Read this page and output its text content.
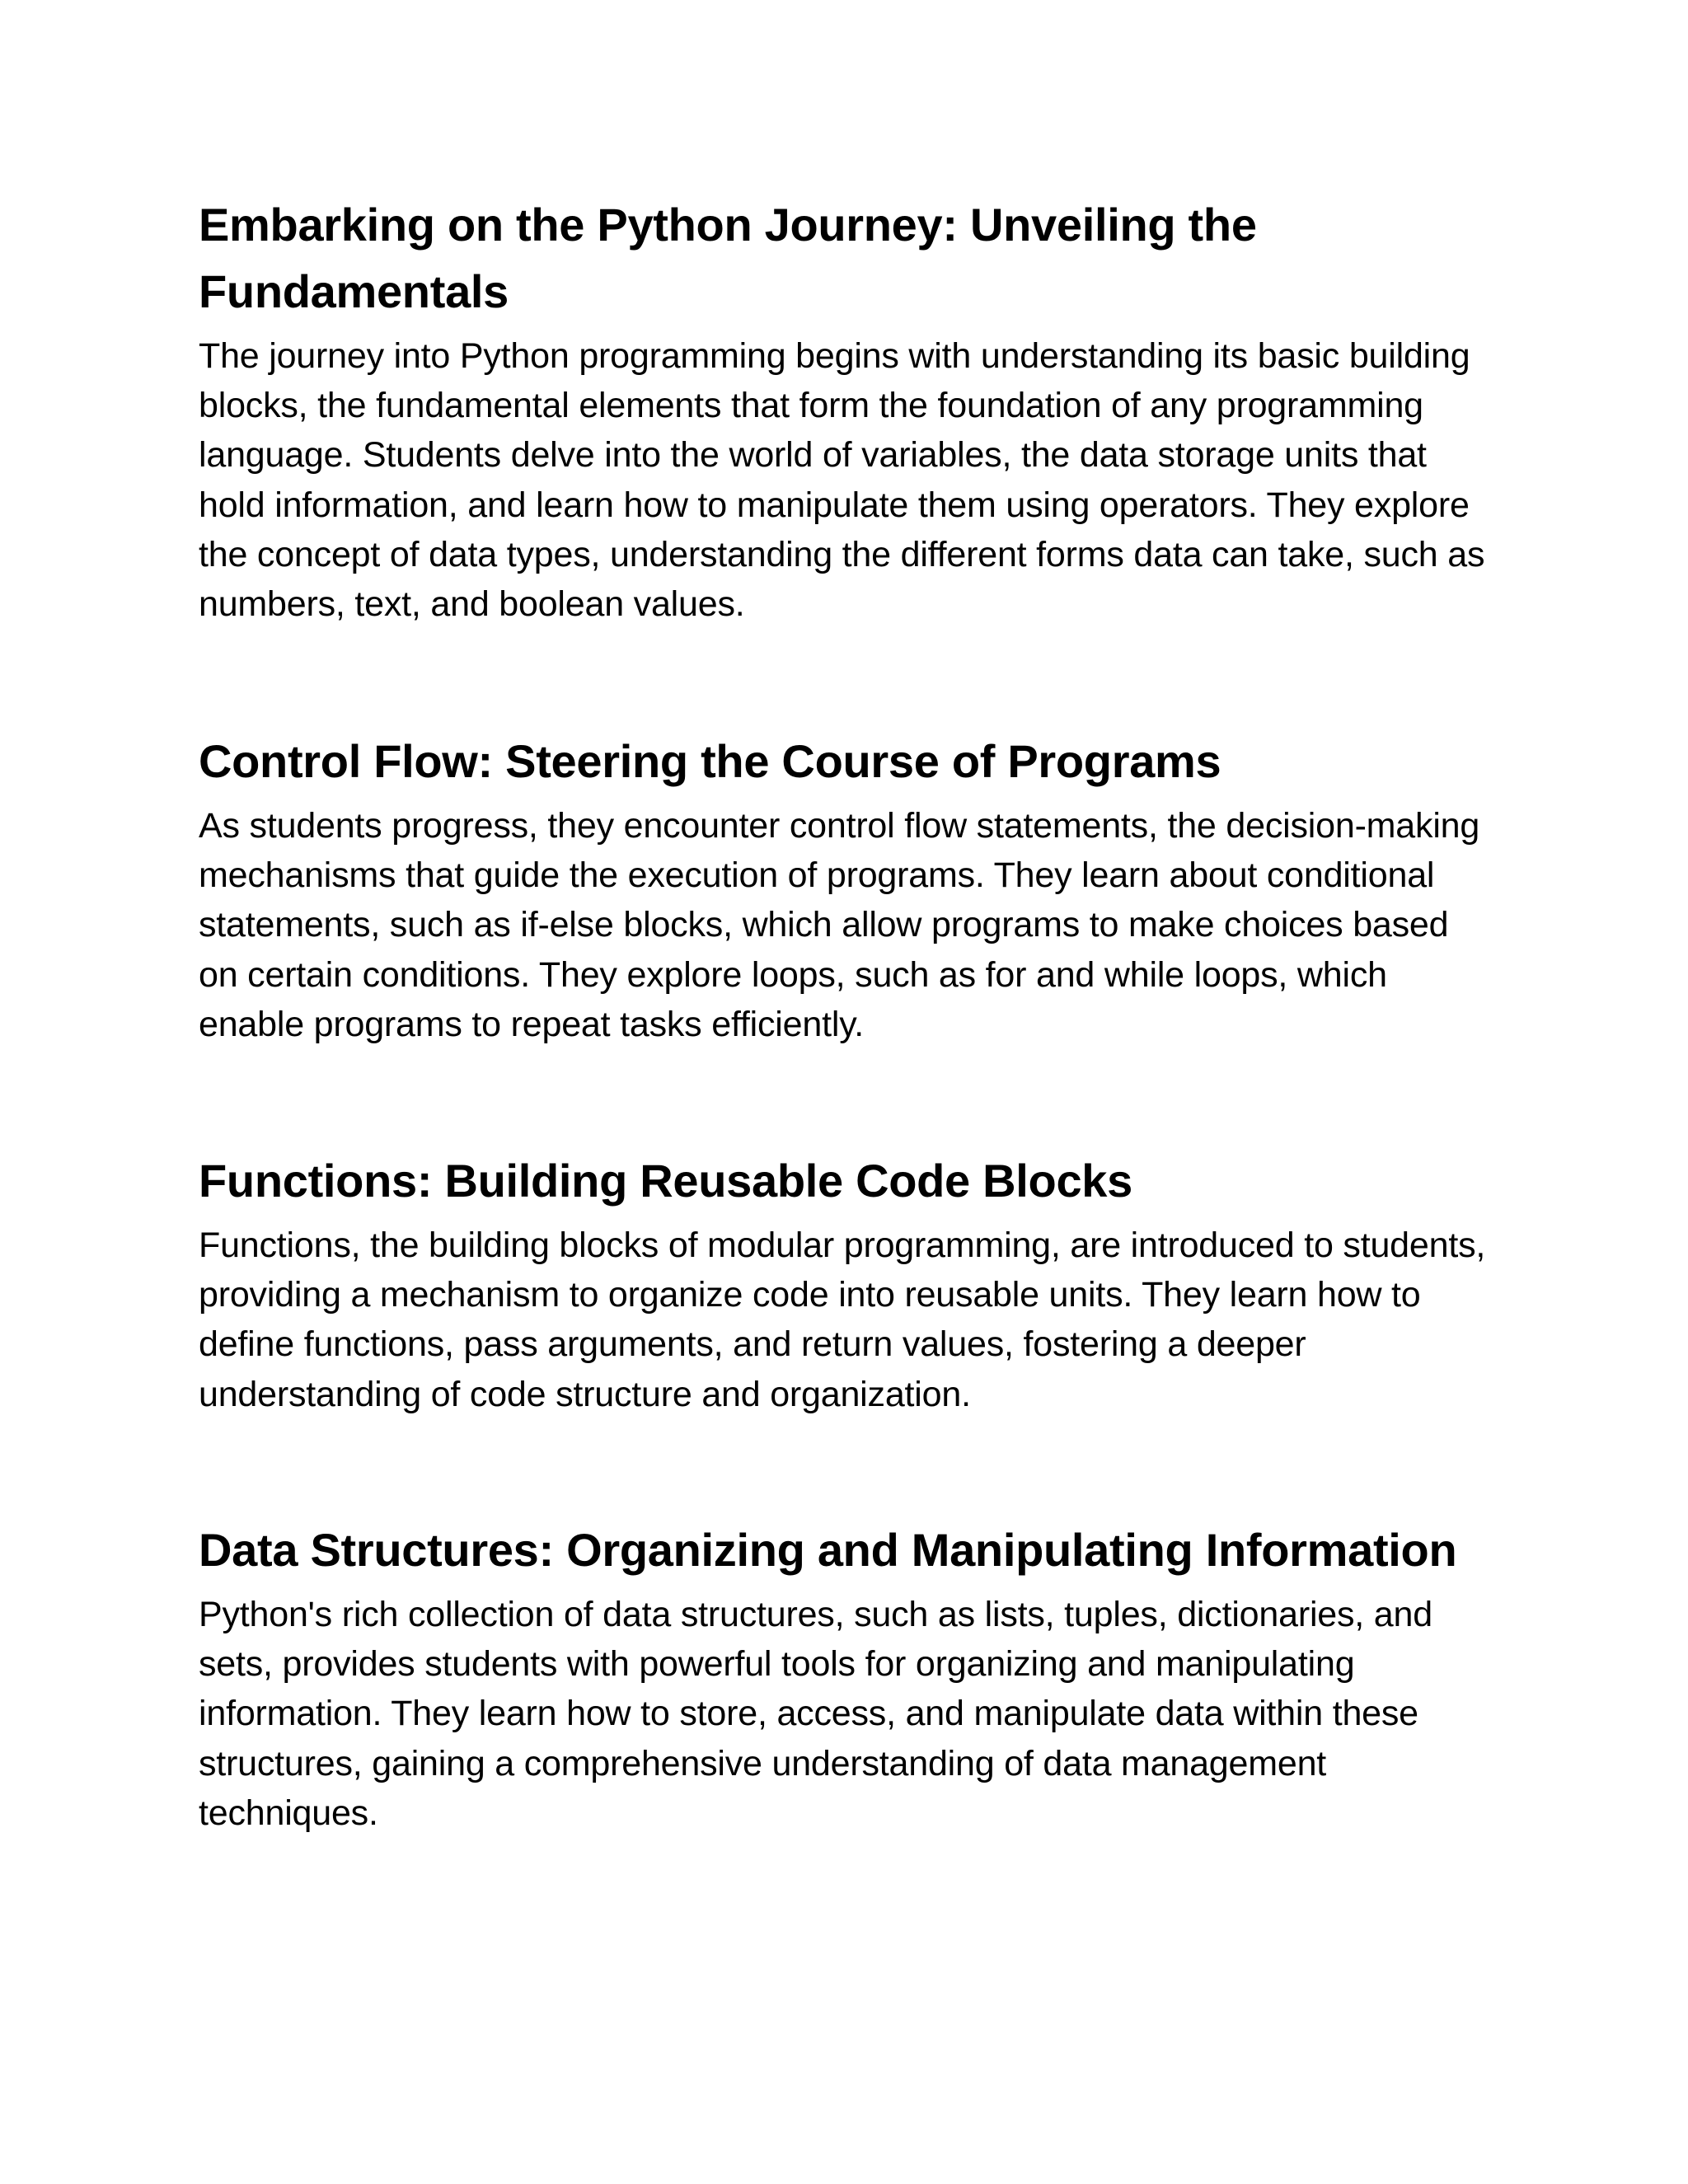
Embarking on the Python Journey: Unveiling the Fundamentals

The journey into Python programming begins with understanding its basic building blocks, the fundamental elements that form the foundation of any programming language. Students delve into the world of variables, the data storage units that hold information, and learn how to manipulate them using operators. They explore the concept of data types, understanding the different forms data can take, such as numbers, text, and boolean values.

Control Flow: Steering the Course of Programs

As students progress, they encounter control flow statements, the decision-making mechanisms that guide the execution of programs. They learn about conditional statements, such as if-else blocks, which allow programs to make choices based on certain conditions. They explore loops, such as for and while loops, which enable programs to repeat tasks efficiently.

Functions: Building Reusable Code Blocks

Functions, the building blocks of modular programming, are introduced to students, providing a mechanism to organize code into reusable units. They learn how to define functions, pass arguments, and return values, fostering a deeper understanding of code structure and organization.

Data Structures: Organizing and Manipulating Information

Python's rich collection of data structures, such as lists, tuples, dictionaries, and sets, provides students with powerful tools for organizing and manipulating information. They learn how to store, access, and manipulate data within these structures, gaining a comprehensive understanding of data management techniques.
